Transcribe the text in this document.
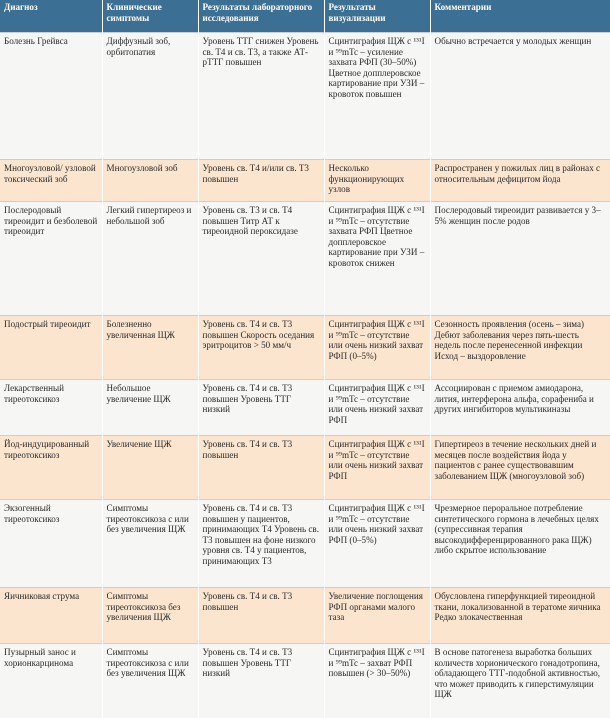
Диагноз	Клинические симптомы	Результаты лабораторного исследования	Результаты визуализации	Комментарии
Болезнь Грейвса	Диффузный зоб, орбитопатия	Уровень ТТГ снижен Уровень св. Т4 и св. Т3, а также АТ-рТТГ повышен	Сцинтиграфия ЩЖ с ¹³¹I и ⁹⁹mTc – усиление захвата РФП (30–50%) Цветное допплеровское картирование при УЗИ – кровоток повышен	Обычно встречается у молодых женщин
Многоузловой/ узловой токсический зоб	Многоузловой зоб	Уровень св. Т4 и/или св. Т3 повышен	Несколько функционирующих узлов	Распространен у пожилых лиц в районах с относительным дефицитом йода
Послеродовый тиреоидит и безболевой тиреоидит	Легкий гипертиреоз и небольшой зоб	Уровень св. Т3 и св. Т4 повышен Титр АТ к тиреоидной пероксидазе	Сцинтиграфия ЩЖ с ¹³¹I и ⁹⁹mTc – отсутствие захвата РФП Цветное допплеровское картирование при УЗИ – кровоток снижен	Послеродовый тиреоидит развивается у 3–5% женщин после родов
Подострый тиреоидит	Болезненно увеличенная ЩЖ	Уровень св. Т4 и св. Т3 повышен Скорость оседания эритроцитов > 50 мм/ч	Сцинтиграфия ЩЖ с ¹³¹I и ⁹⁹mTc – отсутствие или очень низкий захват РФП (0–5%)	Сезонность проявления (осень – зима) Дебют заболевания через пять-шесть недель после перенесенной инфекции Исход – выздоровление
Лекарственный тиреотоксикоз	Небольшое увеличение ЩЖ	Уровень св. Т4 и св. Т3 повышен Уровень ТТГ низкий	Сцинтиграфия ЩЖ с ¹³¹I и ⁹⁹mTc – отсутствие или очень низкий захват РФП	Ассоциирован с приемом амиодарона, лития, интерферона альфа, сорафениба и других ингибиторов мультикиназы
Йод-индуцированный тиреотоксикоз	Увеличение ЩЖ	Уровень св. Т4 и св. Т3 повышен	Сцинтиграфия ЩЖ с ¹³¹I и ⁹⁹mTc – отсутствие или очень низкий захват РФП	Гипертиреоз в течение нескольких дней и месяцев после воздействия йода у пациентов с ранее существовавшим заболеванием ЩЖ (многоузловой зоб)
Экзогенный тиреотоксикоз	Симптомы тиреотоксикоза с или без увеличения ЩЖ	Уровень св. Т4 и св. Т3 повышен у пациентов, принимающих Т4 Уровень св. Т3 повышен на фоне низкого уровня св. Т4 у пациентов, принимающих Т3	Сцинтиграфия ЩЖ с ¹³¹I и ⁹⁹mTc – отсутствие или очень низкий захват РФП (0–5%)	Чрезмерное пероральное потребление синтетического гормона в лечебных целях (супрессивная терапия высокодифференцированного рака ЩЖ) либо скрытое использование
Яичниковая струма	Симптомы тиреотоксикоза без увеличения ЩЖ	Уровень св. Т4 и св. Т3 повышен	Увеличение поглощения РФП органами малого таза	Обусловлена гиперфункцией тиреоидной ткани, локализованной в тератоме яичника Редко злокачественная
Пузырный занос и хорионкарцинома	Симптомы тиреотоксикоза с или без увеличения ЩЖ	Уровень св. Т4 и св. Т3 повышен Уровень ТТГ низкий	Сцинтиграфия ЩЖ с ¹³¹I и ⁹⁹mTc – захват РФП повышен (> 30–50%)	В основе патогенеза выработка больших количеств хорионического гонадотропина, обладающего ТТГ-подобной активностью, что может приводить к гиперстимуляции ЩЖ
